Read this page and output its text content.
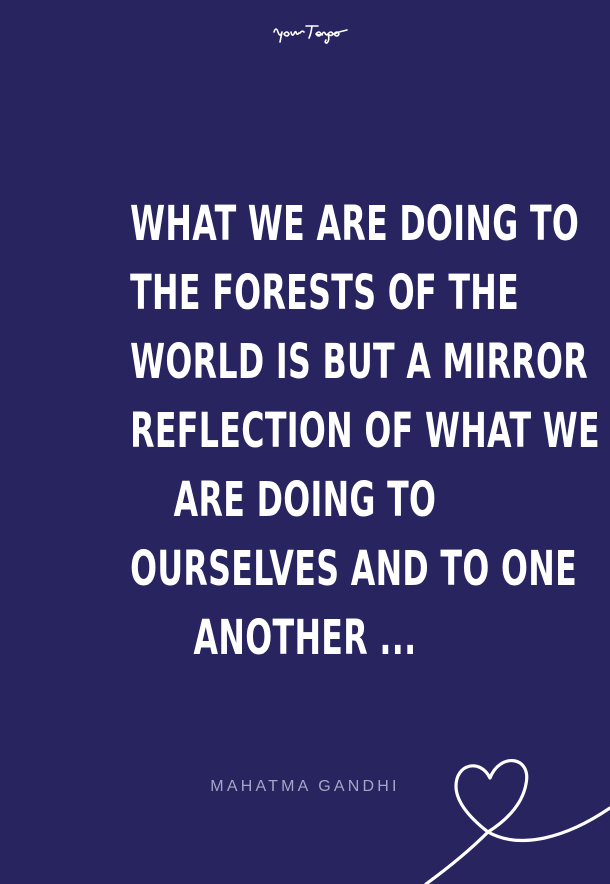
WHAT WE ARE DOING TO
THE FORESTS OF THE
WORLD IS BUT A MIRROR
REFLECTION OF WHAT WE
ARE DOING TO
OURSELVES AND TO ONE
ANOTHER ...
MAHATMA GANDHI
